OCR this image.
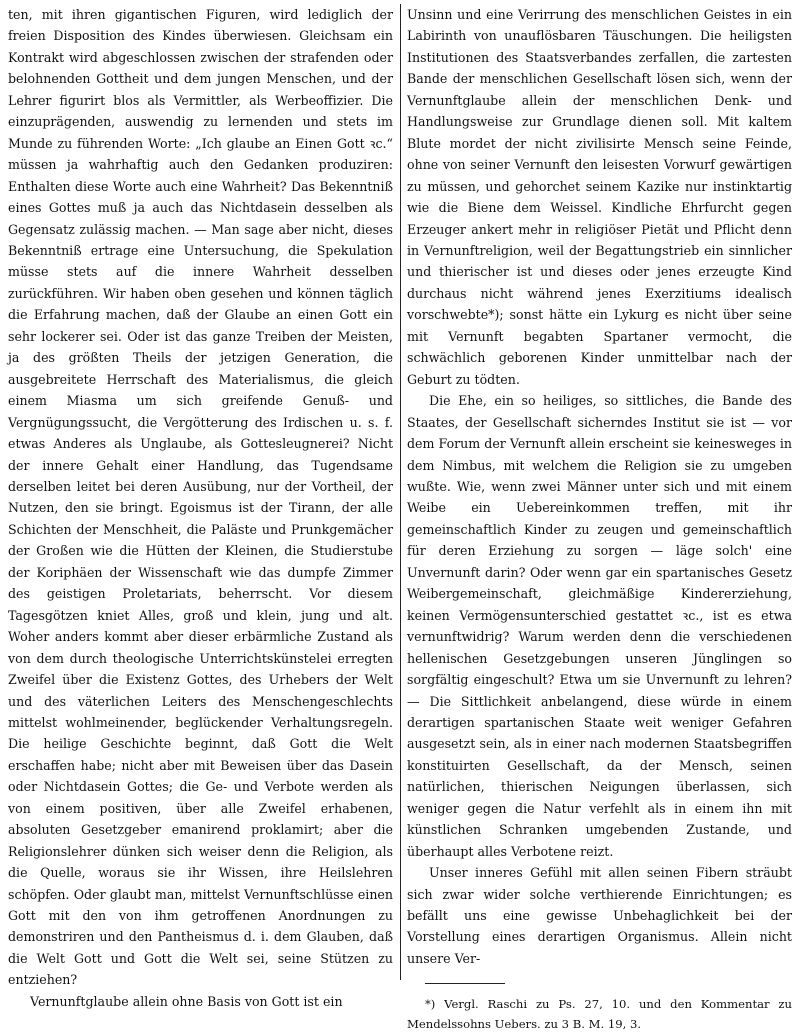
ten, mit ihren gigantischen Figuren, wird lediglich der freien Disposition des Kindes überwiesen. Gleichsam ein Kontrakt wird abgeschlossen zwischen der strafenden oder belohnenden Gottheit und dem jungen Menschen, und der Lehrer figurirt blos als Vermittler, als Werbeoffizier. Die einzuprägenden, auswendig zu lernenden und stets im Munde zu führenden Worte: „Ich glaube an Einen Gott ꝛc.“ müssen ja wahrhaftig auch den Gedanken produziren: Enthalten diese Worte auch eine Wahrheit? Das Bekenntniß eines Gottes muß ja auch das Nichtdasein desselben als Gegensatz zulässig machen. — Man sage aber nicht, dieses Bekenntniß ertrage eine Untersuchung, die Spekulation müsse stets auf die innere Wahrheit desselben zurückführen. Wir haben oben gesehen und können täglich die Erfahrung machen, daß der Glaube an einen Gott ein sehr lockerer sei. Oder ist das ganze Treiben der Meisten, ja des größten Theils der jetzigen Generation, die ausgebreitete Herrschaft des Materialismus, die gleich einem Miasma um sich greifende Genuß- und Vergnügungssucht, die Vergötterung des Irdischen u. s. f. etwas Anderes als Unglaube, als Gottesleugnerei? Nicht der innere Gehalt einer Handlung, das Tugendsame derselben leitet bei deren Ausübung, nur der Vortheil, der Nutzen, den sie bringt. Egoismus ist der Tirann, der alle Schichten der Menschheit, die Paläste und Prunkgemächer der Großen wie die Hütten der Kleinen, die Studierstube der Koriphäen der Wissenschaft wie das dumpfe Zimmer des geistigen Proletariats, beherrscht. Vor diesem Tagesgötzen kniet Alles, groß und klein, jung und alt. Woher anders kommt aber dieser erbärmliche Zustand als von dem durch theologische Unterrichtskünstelei erregten Zweifel über die Existenz Gottes, des Urhebers der Welt und des väterlichen Leiters des Menschengeschlechts mittelst wohlmeinender, beglückender Verhaltungsregeln. Die heilige Geschichte beginnt, daß Gott die Welt erschaffen habe; nicht aber mit Beweisen über das Dasein oder Nichtdasein Gottes; die Ge- und Verbote werden als von einem positiven, über alle Zweifel erhabenen, absoluten Gesetzgeber emanirend proklamirt; aber die Religionslehrer dünken sich weiser denn die Religion, als die Quelle, woraus sie ihr Wissen, ihre Heilslehren schöpfen. Oder glaubt man, mittelst Vernunftschlüsse einen Gott mit den von ihm getroffenen Anordnungen zu demonstriren und den Pantheismus d. i. dem Glauben, daß die Welt Gott und Gott die Welt sei, seine Stützen zu entziehen?

Vernunftglaube allein ohne Basis von Gott ist ein

Unsinn und eine Verirrung des menschlichen Geistes in ein Labirinth von unauflösbaren Täuschungen. Die heiligsten Institutionen des Staatsverbandes zerfallen, die zartesten Bande der menschlichen Gesellschaft lösen sich, wenn der Vernunftglaube allein der menschlichen Denk- und Handlungsweise zur Grundlage dienen soll. Mit kaltem Blute mordet der nicht zivilisirte Mensch seine Feinde, ohne von seiner Vernunft den leisesten Vorwurf gewärtigen zu müssen, und gehorchet seinem Kazike nur instinktartig wie die Biene dem Weissel. Kindliche Ehrfurcht gegen Erzeuger ankert mehr in religiöser Pietät und Pflicht denn in Vernunftreligion, weil der Begattungstrieb ein sinnlicher und thierischer ist und dieses oder jenes erzeugte Kind durchaus nicht während jenes Exerzitiums idealisch vorschwebte*); sonst hätte ein Lykurg es nicht über seine mit Vernunft begabten Spartaner vermocht, die schwächlich geborenen Kinder unmittelbar nach der Geburt zu tödten.

Die Ehe, ein so heiliges, so sittliches, die Bande des Staates, der Gesellschaft sicherndes Institut sie ist — vor dem Forum der Vernunft allein erscheint sie keinesweges in dem Nimbus, mit welchem die Religion sie zu umgeben wußte. Wie, wenn zwei Männer unter sich und mit einem Weibe ein Uebereinkommen treffen, mit ihr gemeinschaftlich Kinder zu zeugen und gemeinschaftlich für deren Erziehung zu sorgen — läge solch' eine Unvernunft darin? Oder wenn gar ein spartanisches Gesetz Weibergemeinschaft, gleichmäßige Kindererziehung, keinen Vermögensunterschied gestattet ꝛc., ist es etwa vernunftwidrig? Warum werden denn die verschiedenen hellenischen Gesetzgebungen unseren Jünglingen so sorgfältig eingeschult? Etwa um sie Unvernunft zu lehren? — Die Sittlichkeit anbelangend, diese würde in einem derartigen spartanischen Staate weit weniger Gefahren ausgesetzt sein, als in einer nach modernen Staatsbegriffen konstituirten Gesellschaft, da der Mensch, seinen natürlichen, thierischen Neigungen überlassen, sich weniger gegen die Natur verfehlt als in einem ihn mit künstlichen Schranken umgebenden Zustande, und überhaupt alles Verbotene reizt.

Unser inneres Gefühl mit allen seinen Fibern sträubt sich zwar wider solche verthierende Einrichtungen; es befällt uns eine gewisse Unbehaglichkeit bei der Vorstellung eines derartigen Organismus. Allein nicht unsere Ver-

*) Vergl. Raschi zu Ps. 27, 10. und den Kommentar zu Mendelssohns Uebers. zu 3 B. M. 19, 3.
